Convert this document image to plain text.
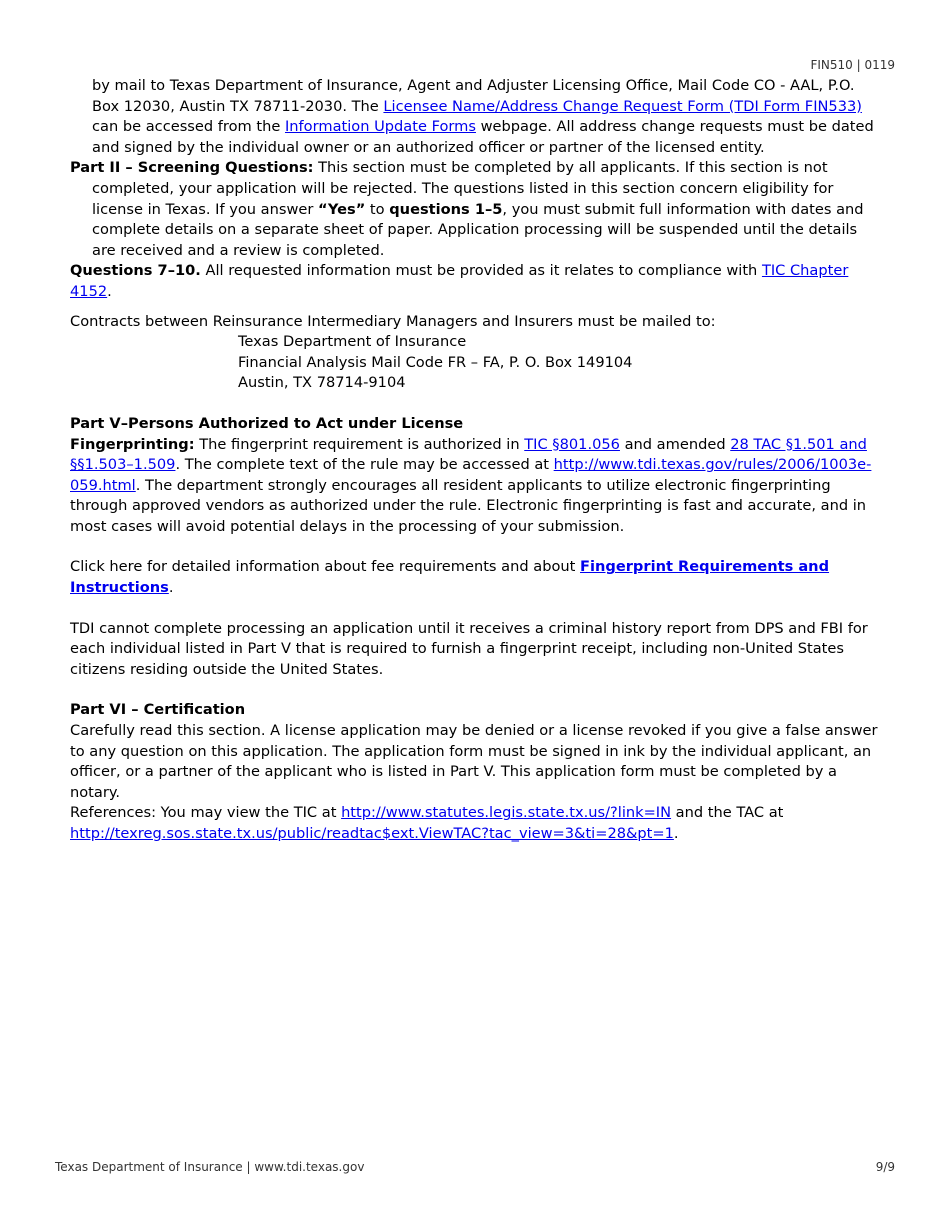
FIN510 | 0119

by mail to Texas Department of Insurance, Agent and Adjuster Licensing Office, Mail Code CO - AAL, P.O. Box 12030, Austin TX 78711-2030. The Licensee Name/Address Change Request Form (TDI Form FIN533) can be accessed from the Information Update Forms webpage. All address change requests must be dated and signed by the individual owner or an authorized officer or partner of the licensed entity.

Part II – Screening Questions: This section must be completed by all applicants. If this section is not completed, your application will be rejected. The questions listed in this section concern eligibility for license in Texas. If you answer “Yes” to questions 1–5, you must submit full information with dates and complete details on a separate sheet of paper. Application processing will be suspended until the details are received and a review is completed.

Questions 7–10. All requested information must be provided as it relates to compliance with TIC Chapter 4152.

Contracts between Reinsurance Intermediary Managers and Insurers must be mailed to:

Texas Department of Insurance

Financial Analysis Mail Code FR – FA, P. O. Box 149104

Austin, TX 78714-9104

Part V–Persons Authorized to Act under License

Fingerprinting: The fingerprint requirement is authorized in TIC §801.056 and amended 28 TAC §1.501 and §§1.503–1.509. The complete text of the rule may be accessed at http://www.tdi.texas.gov/rules/2006/1003e-059.html. The department strongly encourages all resident applicants to utilize electronic fingerprinting through approved vendors as authorized under the rule. Electronic fingerprinting is fast and accurate, and in most cases will avoid potential delays in the processing of your submission.

Click here for detailed information about fee requirements and about Fingerprint Requirements and Instructions.

TDI cannot complete processing an application until it receives a criminal history report from DPS and FBI for each individual listed in Part V that is required to furnish a fingerprint receipt, including non-United States citizens residing outside the United States.

Part VI – Certification

Carefully read this section. A license application may be denied or a license revoked if you give a false answer to any question on this application. The application form must be signed in ink by the individual applicant, an officer, or a partner of the applicant who is listed in Part V. This application form must be completed by a notary.

References: You may view the TIC at http://www.statutes.legis.state.tx.us/?link=IN and the TAC at http://texreg.sos.state.tx.us/public/readtac$ext.ViewTAC?tac_view=3&ti=28&pt=1.

Texas Department of Insurance | www.tdi.texas.gov	9/9
